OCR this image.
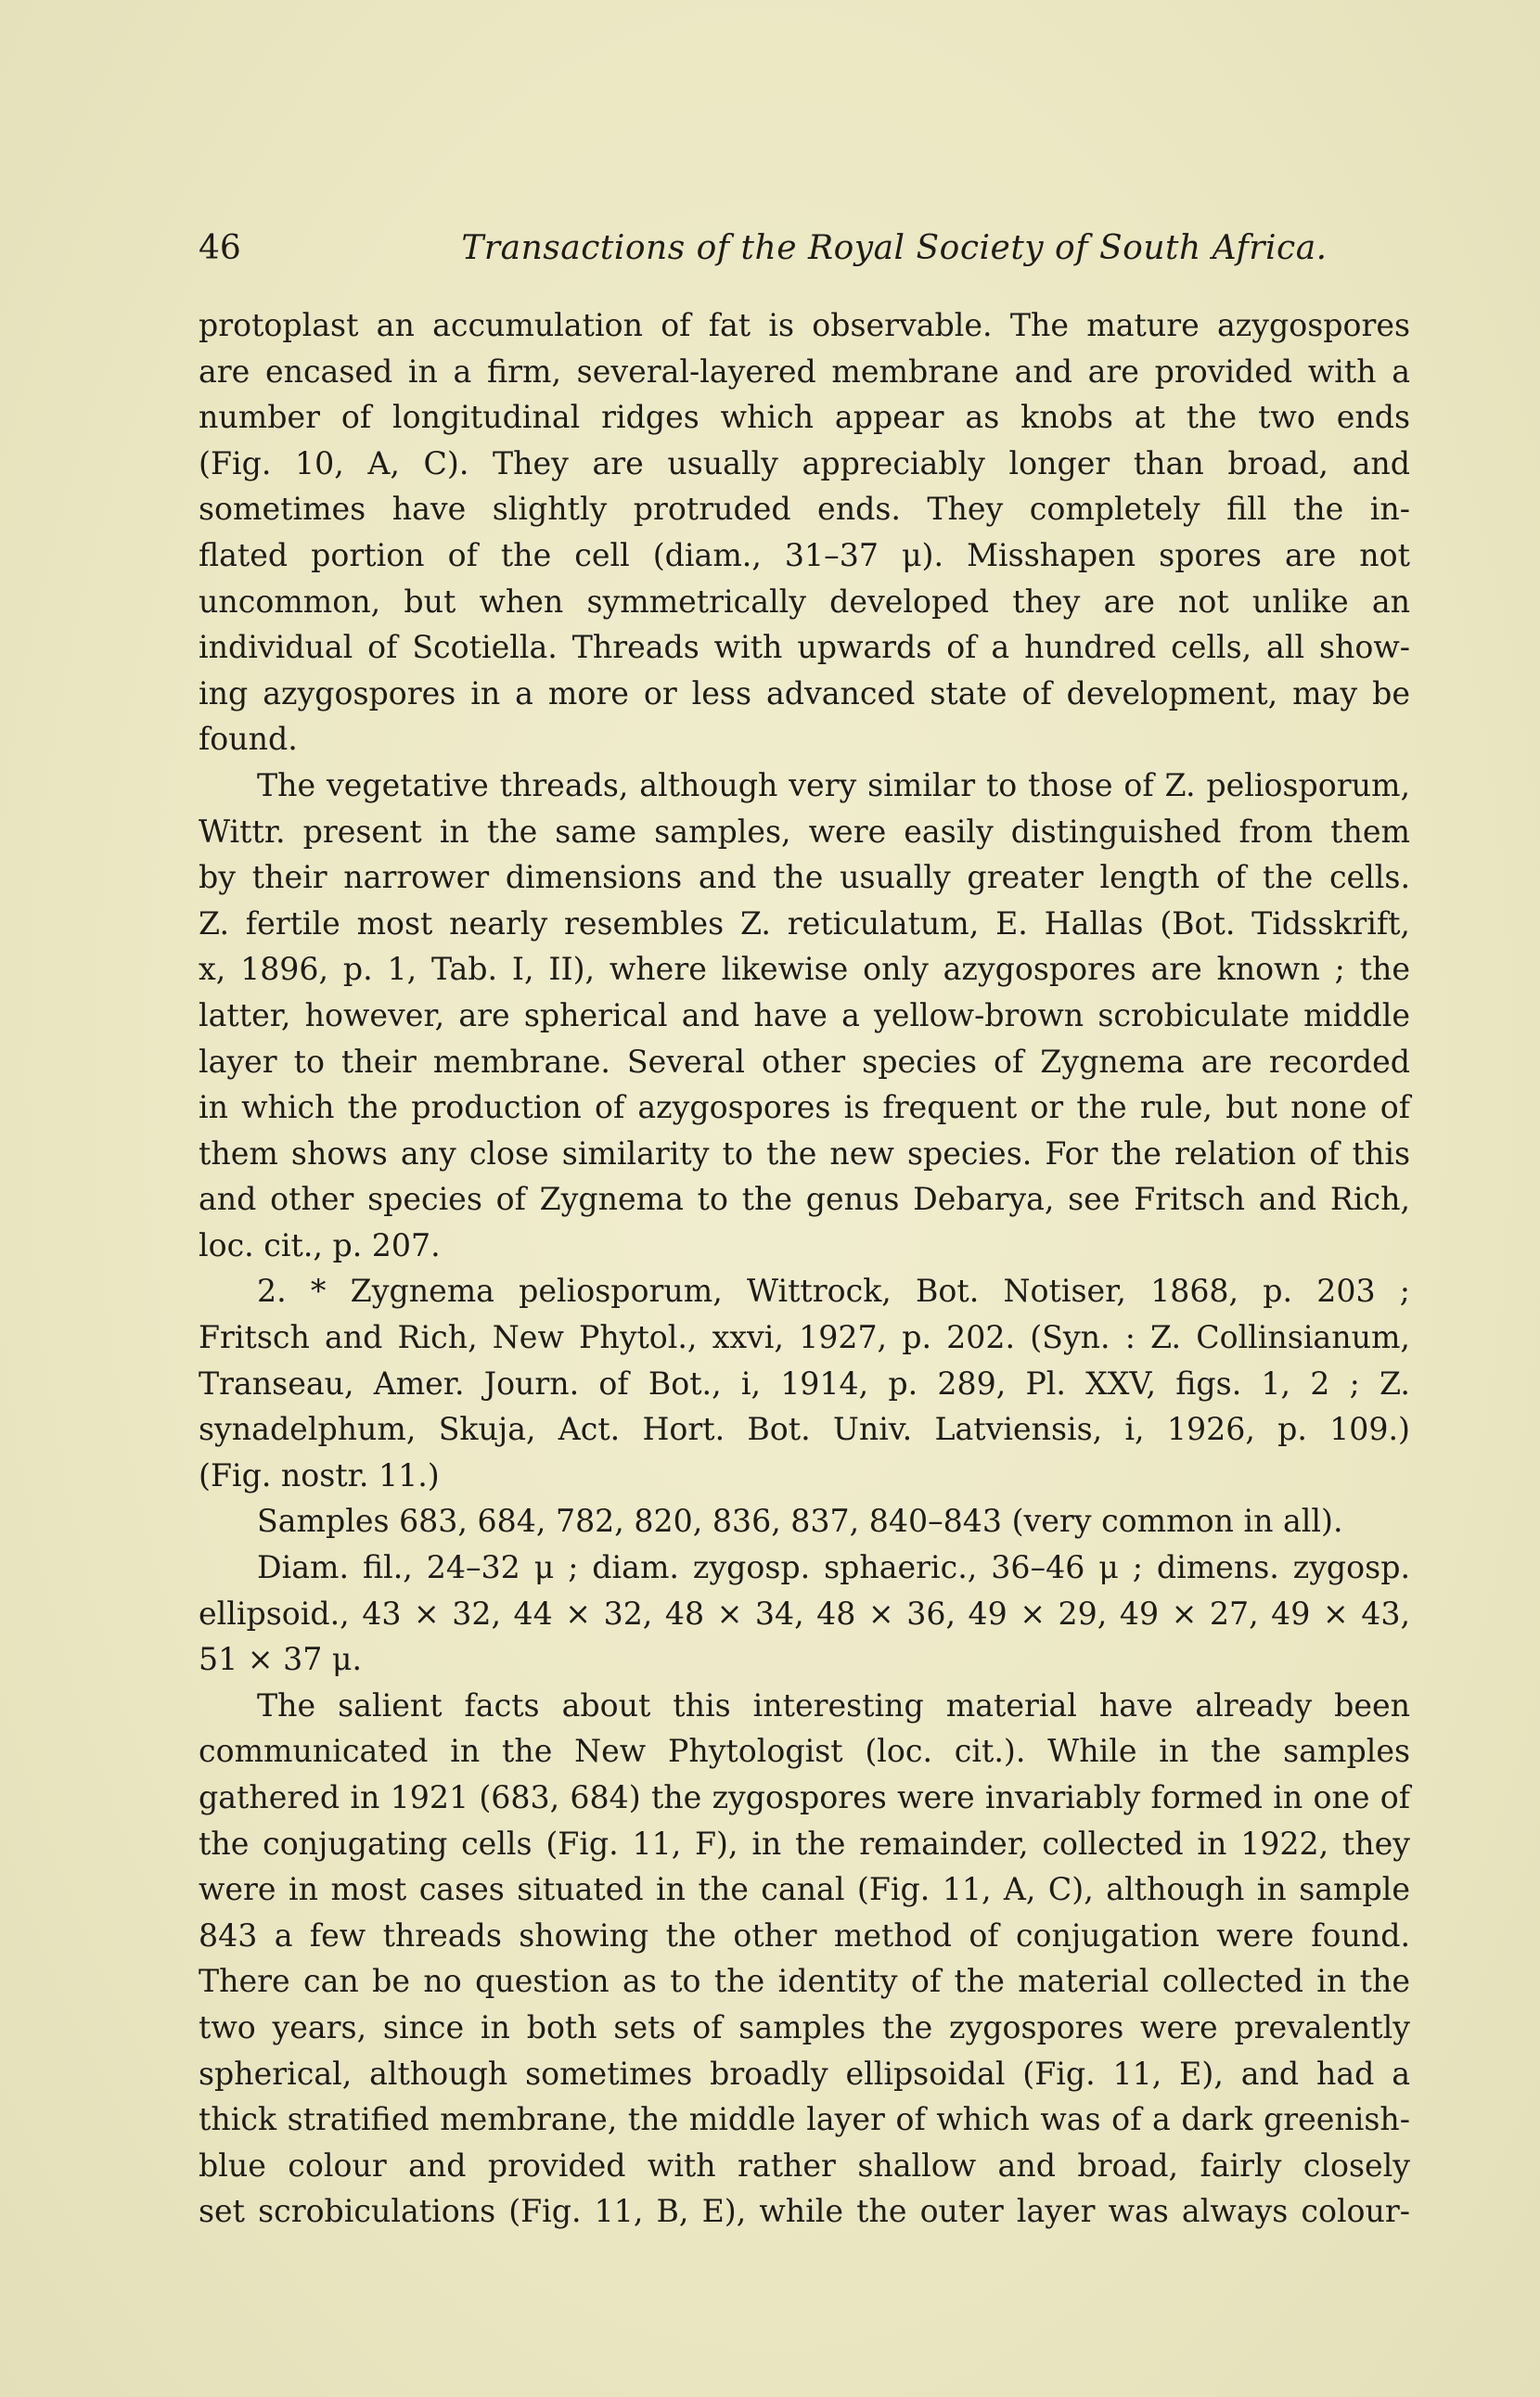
46	Transactions of the Royal Society of South Africa.
protoplast an accumulation of fat is observable. The mature azygospores
are encased in a firm, several-layered membrane and are provided with a
number of longitudinal ridges which appear as knobs at the two ends
(Fig. 10, A, C). They are usually appreciably longer than broad, and
sometimes have slightly protruded ends. They completely fill the in-
flated portion of the cell (diam., 31–37 μ). Misshapen spores are not
uncommon, but when symmetrically developed they are not unlike an
individual of Scotiella. Threads with upwards of a hundred cells, all show-
ing azygospores in a more or less advanced state of development, may be
found.
The vegetative threads, although very similar to those of Z. peliosporum,
Wittr. present in the same samples, were easily distinguished from them
by their narrower dimensions and the usually greater length of the cells.
Z. fertile most nearly resembles Z. reticulatum, E. Hallas (Bot. Tidsskrift,
x, 1896, p. 1, Tab. I, II), where likewise only azygospores are known ; the
latter, however, are spherical and have a yellow-brown scrobiculate middle
layer to their membrane. Several other species of Zygnema are recorded
in which the production of azygospores is frequent or the rule, but none of
them shows any close similarity to the new species. For the relation of this
and other species of Zygnema to the genus Debarya, see Fritsch and Rich,
loc. cit., p. 207.
2. * Zygnema peliosporum, Wittrock, Bot. Notiser, 1868, p. 203 ;
Fritsch and Rich, New Phytol., xxvi, 1927, p. 202. (Syn. : Z. Collinsianum,
Transeau, Amer. Journ. of Bot., i, 1914, p. 289, Pl. XXV, figs. 1, 2 ; Z.
synadelphum, Skuja, Act. Hort. Bot. Univ. Latviensis, i, 1926, p. 109.)
(Fig. nostr. 11.)
Samples 683, 684, 782, 820, 836, 837, 840–843 (very common in all).
Diam. fil., 24–32 μ ; diam. zygosp. sphaeric., 36–46 μ ; dimens. zygosp.
ellipsoid., 43 × 32, 44 × 32, 48 × 34, 48 × 36, 49 × 29, 49 × 27, 49 × 43,
51 × 37 μ.
The salient facts about this interesting material have already been
communicated in the New Phytologist (loc. cit.). While in the samples
gathered in 1921 (683, 684) the zygospores were invariably formed in one of
the conjugating cells (Fig. 11, F), in the remainder, collected in 1922, they
were in most cases situated in the canal (Fig. 11, A, C), although in sample
843 a few threads showing the other method of conjugation were found.
There can be no question as to the identity of the material collected in the
two years, since in both sets of samples the zygospores were prevalently
spherical, although sometimes broadly ellipsoidal (Fig. 11, E), and had a
thick stratified membrane, the middle layer of which was of a dark greenish-
blue colour and provided with rather shallow and broad, fairly closely
set scrobiculations (Fig. 11, B, E), while the outer layer was always colour-
